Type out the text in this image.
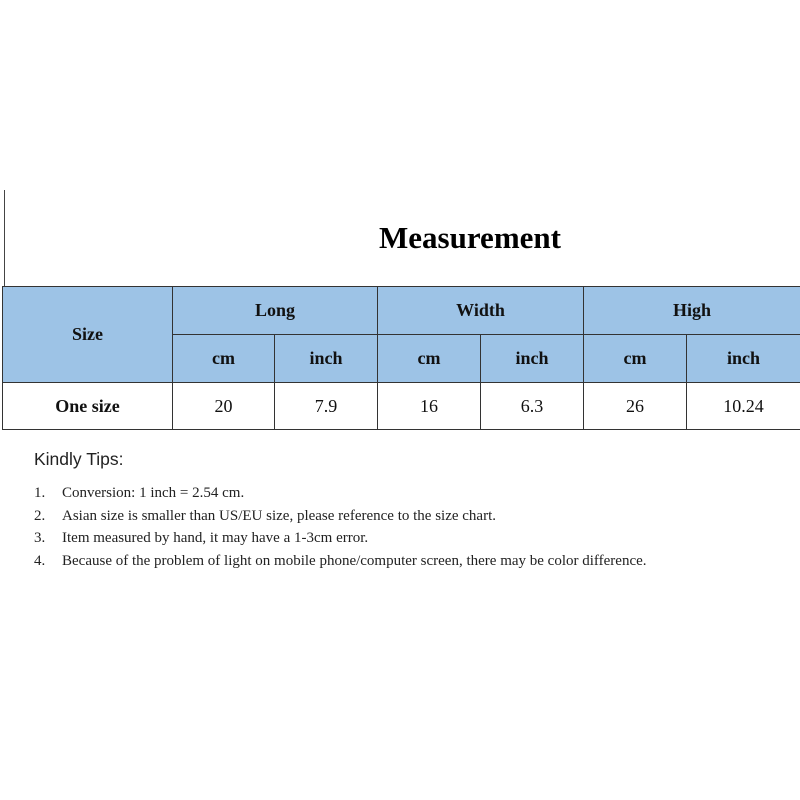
Measurement
Size	Long		Width		High	
	cm	inch	cm	inch	cm	inch
One size	20	7.9	16	6.3	26	10.24
Kindly Tips:
1. Conversion: 1 inch = 2.54 cm.
2. Asian size is smaller than US/EU size, please reference to the size chart.
3. Item measured by hand, it may have a 1-3cm error.
4. Because of the problem of light on mobile phone/computer screen, there may be color difference.
